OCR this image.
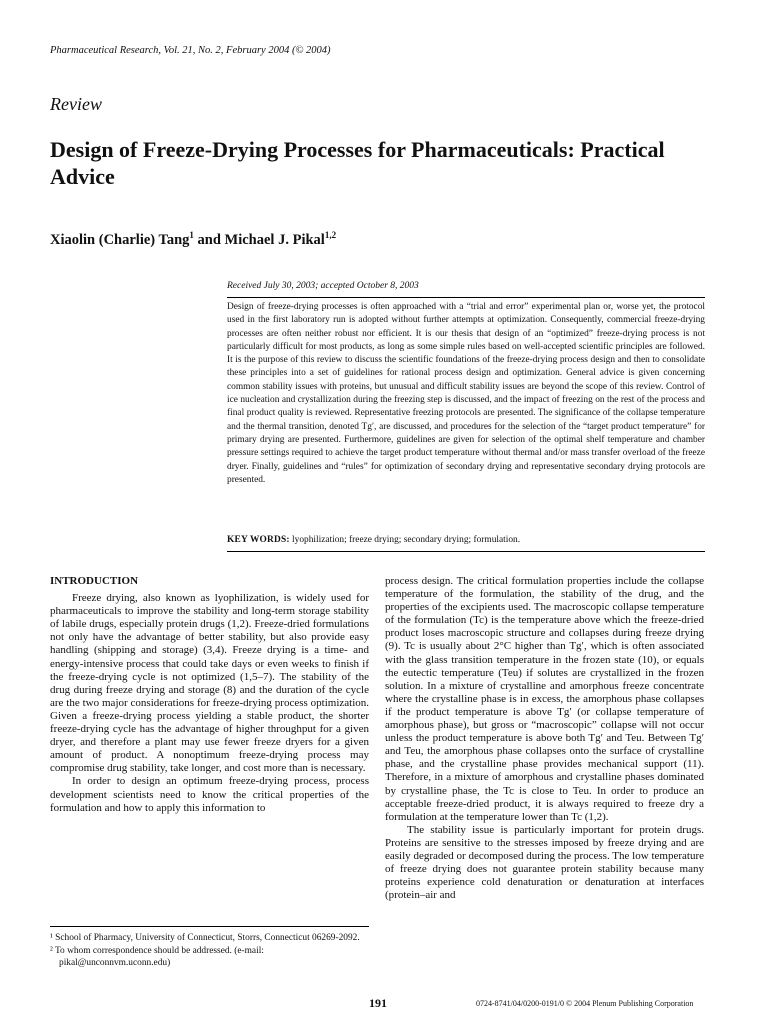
Pharmaceutical Research, Vol. 21, No. 2, February 2004 (© 2004)
Review
Design of Freeze-Drying Processes for Pharmaceuticals: Practical Advice
Xiaolin (Charlie) Tang$^1$ and Michael J. Pikal$^{1,2}$
Received July 30, 2003; accepted October 8, 2003
Design of freeze-drying processes is often approached with a “trial and error” experimental plan or, worse yet, the protocol used in the first laboratory run is adopted without further attempts at optimization. Consequently, commercial freeze-drying processes are often neither robust nor efficient. It is our thesis that design of an “optimized” freeze-drying process is not particularly difficult for most products, as long as some simple rules based on well-accepted scientific principles are followed. It is the purpose of this review to discuss the scientific foundations of the freeze-drying process design and then to consolidate these principles into a set of guidelines for rational process design and optimization. General advice is given concerning common stability issues with proteins, but unusual and difficult stability issues are beyond the scope of this review. Control of ice nucleation and crystallization during the freezing step is discussed, and the impact of freezing on the rest of the process and final product quality is reviewed. Representative freezing protocols are presented. The significance of the collapse temperature and the thermal transition, denoted Tg′, are discussed, and procedures for the selection of the “target product temperature” for primary drying are presented. Furthermore, guidelines are given for selection of the optimal shelf temperature and chamber pressure settings required to achieve the target product temperature without thermal and/or mass transfer overload of the freeze dryer. Finally, guidelines and “rules” for optimization of secondary drying and representative secondary drying protocols are presented.
KEY WORDS: lyophilization; freeze drying; secondary drying; formulation.
INTRODUCTION

Freeze drying, also known as lyophilization, is widely used for pharmaceuticals to improve the stability and long-term storage stability of labile drugs, especially protein drugs (1,2). Freeze-dried formulations not only have the advantage of better stability, but also provide easy handling (shipping and storage) (3,4). Freeze drying is a time- and energy-intensive process that could take days or even weeks to finish if the freeze-drying cycle is not optimized (1,5–7). The stability of the drug during freeze drying and storage (8) and the duration of the cycle are the two major considerations for freeze-drying process optimization. Given a freeze-drying process yielding a stable product, the shorter freeze-drying cycle has the advantage of higher throughput for a given dryer, and therefore a plant may use fewer freeze dryers for a given amount of product. A nonoptimum freeze-drying process may compromise drug stability, take longer, and cost more than is necessary.

In order to design an optimum freeze-drying process, process development scientists need to know the critical properties of the formulation and how to apply this information to

process design. The critical formulation properties include the collapse temperature of the formulation, the stability of the drug, and the properties of the excipients used. The macroscopic collapse temperature of the formulation (Tc) is the temperature above which the freeze-dried product loses macroscopic structure and collapses during freeze drying (9). Tc is usually about 2°C higher than Tg′, which is often associated with the glass transition temperature in the frozen state (10), or equals the eutectic temperature (Teu) if solutes are crystallized in the frozen solution. In a mixture of crystalline and amorphous freeze concentrate where the crystalline phase is in excess, the amorphous phase collapses if the product temperature is above Tg′ (or collapse temperature of amorphous phase), but gross or “macroscopic” collapse will not occur unless the product temperature is above both Tg′ and Teu. Between Tg′ and Teu, the amorphous phase collapses onto the surface of crystalline phase, and the crystalline phase provides mechanical support (11). Therefore, in a mixture of amorphous and crystalline phases dominated by crystalline phase, the Tc is close to Teu. In order to produce an acceptable freeze-dried product, it is always required to freeze dry a formulation at the temperature lower than Tc (1,2).

The stability issue is particularly important for protein drugs. Proteins are sensitive to the stresses imposed by freeze drying and are easily degraded or decomposed during the process. The low temperature of freeze drying does not guarantee protein stability because many proteins experience cold denaturation or denaturation at interfaces (protein–air and

¹ School of Pharmacy, University of Connecticut, Storrs, Connecticut 06269-2092.
² To whom correspondence should be addressed. (e-mail: pikal@unconnvm.uconn.edu)
191	0724-8741/04/0200-0191/0 © 2004 Plenum Publishing Corporation
